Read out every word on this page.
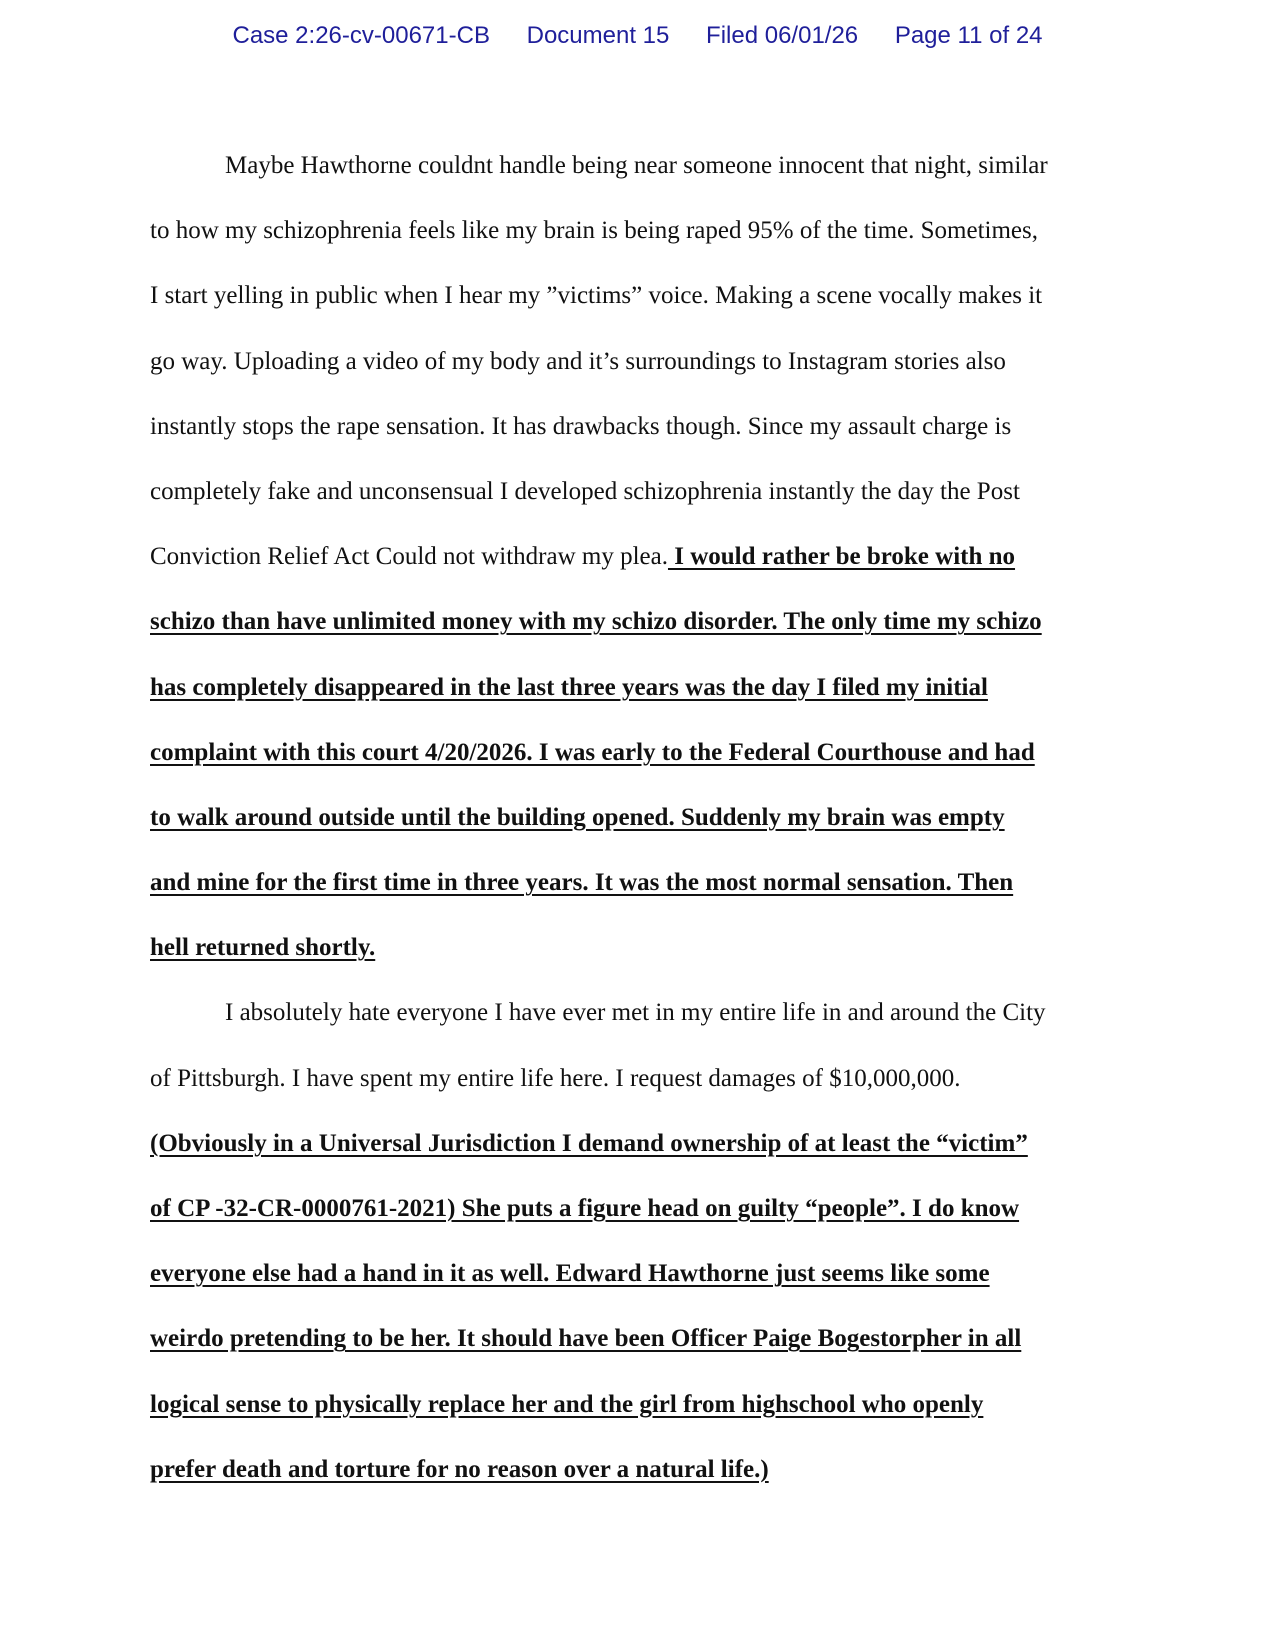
Case 2:26-cv-00671-CB Document 15 Filed 06/01/26 Page 11 of 24
Maybe Hawthorne couldnt handle being near someone innocent that night, similar
to how my schizophrenia feels like my brain is being raped 95% of the time. Sometimes,
I start yelling in public when I hear my ”victims” voice. Making a scene vocally makes it
go way. Uploading a video of my body and it’s surroundings to Instagram stories also
instantly stops the rape sensation. It has drawbacks though. Since my assault charge is
completely fake and unconsensual I developed schizophrenia instantly the day the Post
Conviction Relief Act Could not withdraw my plea. I would rather be broke with no
schizo than have unlimited money with my schizo disorder. The only time my schizo
has completely disappeared in the last three years was the day I filed my initial
complaint with this court 4/20/2026. I was early to the Federal Courthouse and had
to walk around outside until the building opened. Suddenly my brain was empty
and mine for the first time in three years. It was the most normal sensation. Then
hell returned shortly.
I absolutely hate everyone I have ever met in my entire life in and around the City
of Pittsburgh. I have spent my entire life here. I request damages of $10,000,000.
(Obviously in a Universal Jurisdiction I demand ownership of at least the “victim”
of CP -32-CR-0000761-2021) She puts a figure head on guilty “people”. I do know
everyone else had a hand in it as well. Edward Hawthorne just seems like some
weirdo pretending to be her. It should have been Officer Paige Bogestorpher in all
logical sense to physically replace her and the girl from highschool who openly
prefer death and torture for no reason over a natural life.)
